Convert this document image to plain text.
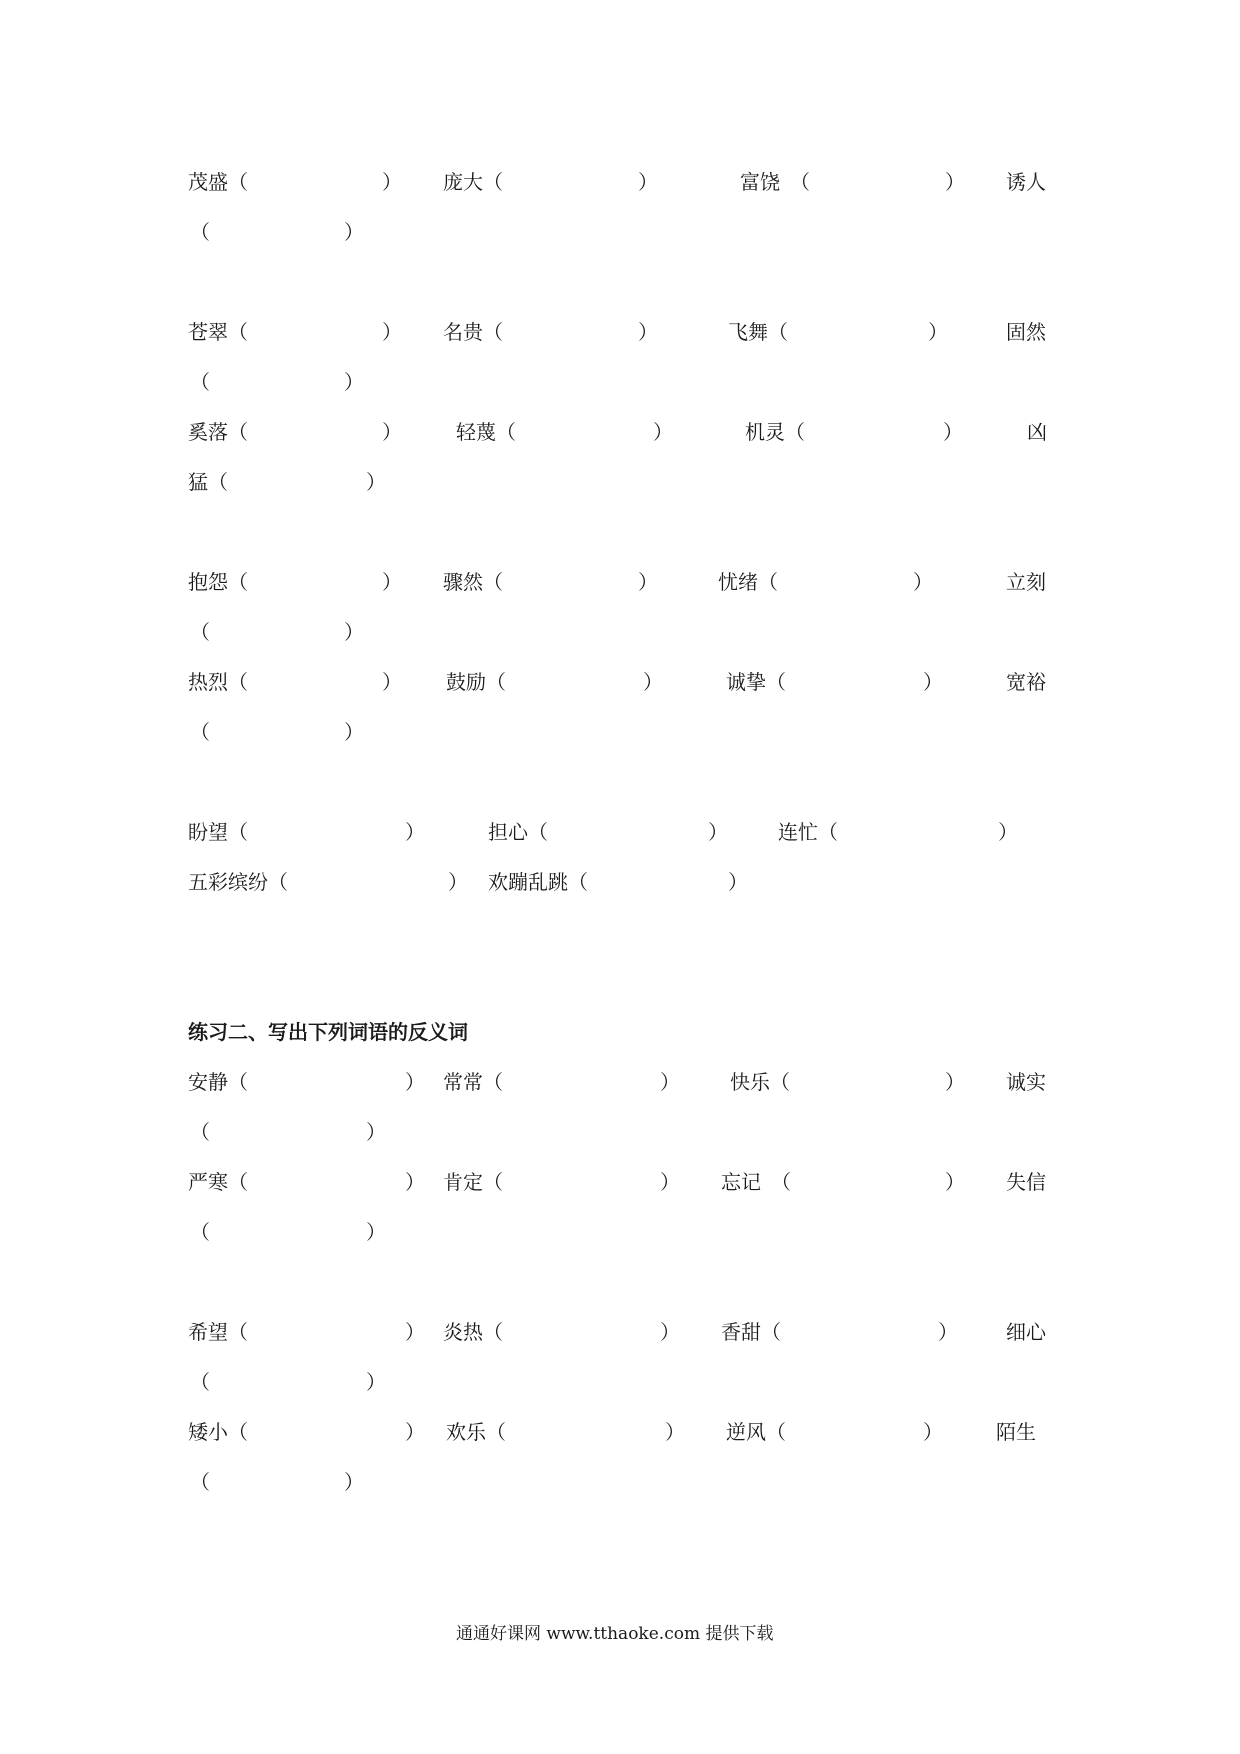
茂盛（	） 庞大（	）	富饶　（	） 诱人
（	）
苍翠（	） 名贵（	）	飞舞（	）	固然
（	）
奚落（	）	轻蔑（	）	机灵（	）	凶
猛（	）
抱怨（	） 骤然（	）	忧绪（	）	立刻
（	）
热烈（	） 鼓励（	）	诚挚（	）	宽裕
（	）
盼望（	）	担心（	）	连忙（	）
五彩缤纷（	） 欢蹦乱跳（	）
练习二、写出下列词语的反义词
安静（	） 常常（	）	快乐（	） 诚实
（	）
严寒（	） 肯定（	） 忘记　（	） 失信
（	）
希望（	） 炎热（	） 香甜（	） 细心
（	）
矮小（	） 欢乐（	） 逆风（	）	陌生
（	）
通通好课网 www.tthaoke.com 提供下载
